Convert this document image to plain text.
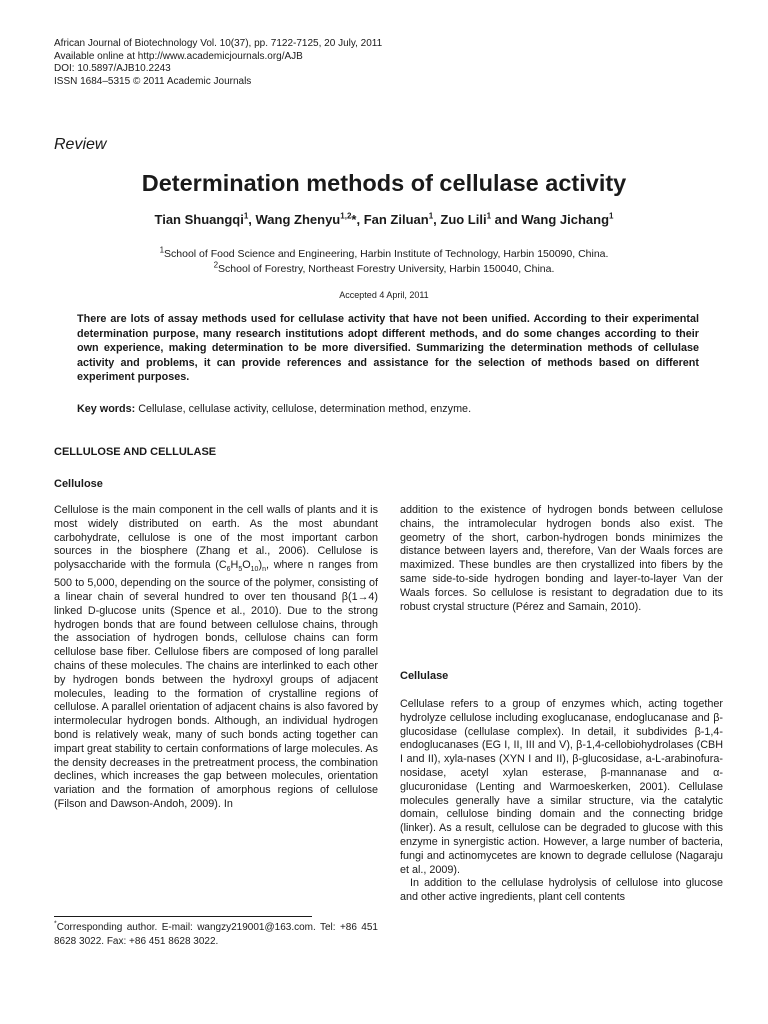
African Journal of Biotechnology Vol. 10(37), pp. 7122-7125, 20 July, 2011
Available online at http://www.academicjournals.org/AJB
DOI: 10.5897/AJB10.2243
ISSN 1684–5315 © 2011 Academic Journals
Review
Determination methods of cellulase activity
Tian Shuangqi$^1$, Wang Zhenyu$^{1,2}$*, Fan Ziluan$^1$, Zuo Lili$^1$ and Wang Jichang$^1$
$^1$School of Food Science and Engineering, Harbin Institute of Technology, Harbin 150090, China.
$^2$School of Forestry, Northeast Forestry University, Harbin 150040, China.
Accepted 4 April, 2011
There are lots of assay methods used for cellulase activity that have not been unified. According to their experimental determination purpose, many research institutions adopt different methods, and do some changes according to their own experience, making determination to be more diversified. Summarizing the determination methods of cellulase activity and problems, it can provide references and assistance for the selection of methods based on different experiment purposes.
Key words: Cellulase, cellulase activity, cellulose, determination method, enzyme.
CELLULOSE AND CELLULASE
Cellulose

Cellulose is the main component in the cell walls of plants and it is most widely distributed on earth. As the most abundant carbohydrate, cellulose is one of the most important carbon sources in the biosphere (Zhang et al., 2006). Cellulose is polysaccharide with the formula $(C_6H_5O_{10})_n$, where n ranges from 500 to 5,000, depending on the source of the polymer, consisting of a linear chain of several hundred to over ten thousand β(1→4) linked D-glucose units (Spence et al., 2010). Due to the strong hydrogen bonds that are found between cellulose chains, through the association of hydrogen bonds, cellulose chains can form cellulose base fiber. Cellulose fibers are composed of long parallel chains of these molecules. The chains are interlinked to each other by hydrogen bonds between the hydroxyl groups of adjacent molecules, leading to the formation of crystalline regions of cellulose. A parallel orientation of adjacent chains is also favored by intermolecular hydrogen bonds. Although, an individual hydrogen bond is relatively weak, many of such bonds acting together can impart great stability to certain conformations of large molecules. As the density decreases in the pretreatment process, the combination declines, which increases the gap between molecules, orientation variation and the formation of amorphous regions of cellulose (Filson and Dawson-Andoh, 2009). In

addition to the existence of hydrogen bonds between cellulose chains, the intramolecular hydrogen bonds also exist. The geometry of the short, carbon-hydrogen bonds minimizes the distance between layers and, therefore, Van der Waals forces are maximized. These bundles are then crystallized into fibers by the same side-to-side hydrogen bonding and layer-to-layer Van der Waals forces. So cellulose is resistant to degradation due to its robust crystal structure (Pérez and Samain, 2010).

Cellulase

Cellulase refers to a group of enzymes which, acting together hydrolyze cellulose including exoglucanase, endoglucanase and β-glucosidase (cellulase complex). In detail, it subdivides β-1,4-endoglucanases (EG I, II, III and V), β-1,4-cellobiohydrolases (CBH I and II), xyla-nases (XYN I and II), β-glucosidase, a-L-arabinofura-nosidase, acetyl xylan esterase, β-mannanase and α-glucuronidase (Lenting and Warmoeskerken, 2001). Cellulase molecules generally have a similar structure, via the catalytic domain, cellulose binding domain and the connecting bridge (linker). As a result, cellulose can be degraded to glucose with this enzyme in synergistic action. However, a large number of bacteria, fungi and actinomycetes are known to degrade cellulose (Nagaraju et al., 2009).

In addition to the cellulase hydrolysis of cellulose into glucose and other active ingredients, plant cell contents

*Corresponding author. E-mail: wangzy219001@163.com. Tel: +86 451 8628 3022. Fax: +86 451 8628 3022.
